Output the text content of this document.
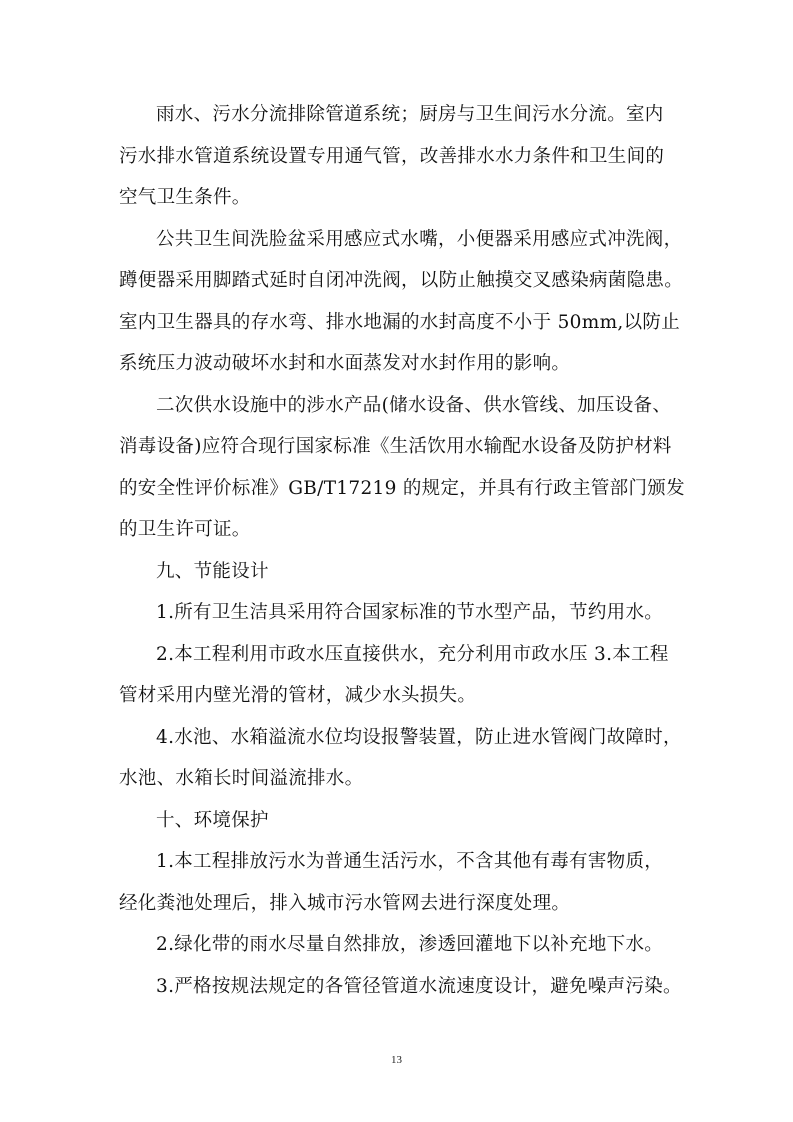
雨水、污水分流排除管道系统；厨房与卫生间污水分流。室内
污水排水管道系统设置专用通气管，改善排水水力条件和卫生间的
空气卫生条件。
公共卫生间洗脸盆采用感应式水嘴，小便器采用感应式冲洗阀，
蹲便器采用脚踏式延时自闭冲洗阀，以防止触摸交叉感染病菌隐患。
室内卫生器具的存水弯、排水地漏的水封高度不小于 50mm,以防止
系统压力波动破坏水封和水面蒸发对水封作用的影响。
二次供水设施中的涉水产品(储水设备、供水管线、加压设备、
消毒设备)应符合现行国家标准《生活饮用水输配水设备及防护材料
的安全性评价标准》GB/T17219 的规定，并具有行政主管部门颁发
的卫生许可证。
九、节能设计
1.所有卫生洁具采用符合国家标准的节水型产品，节约用水。
2.本工程利用市政水压直接供水，充分利用市政水压 3.本工程
管材采用内壁光滑的管材，减少水头损失。
4.水池、水箱溢流水位均设报警装置，防止进水管阀门故障时，
水池、水箱长时间溢流排水。
十、环境保护
1.本工程排放污水为普通生活污水，不含其他有毒有害物质，
经化粪池处理后，排入城市污水管网去进行深度处理。
2.绿化带的雨水尽量自然排放，渗透回灌地下以补充地下水。
3.严格按规法规定的各管径管道水流速度设计，避免噪声污染。
13
